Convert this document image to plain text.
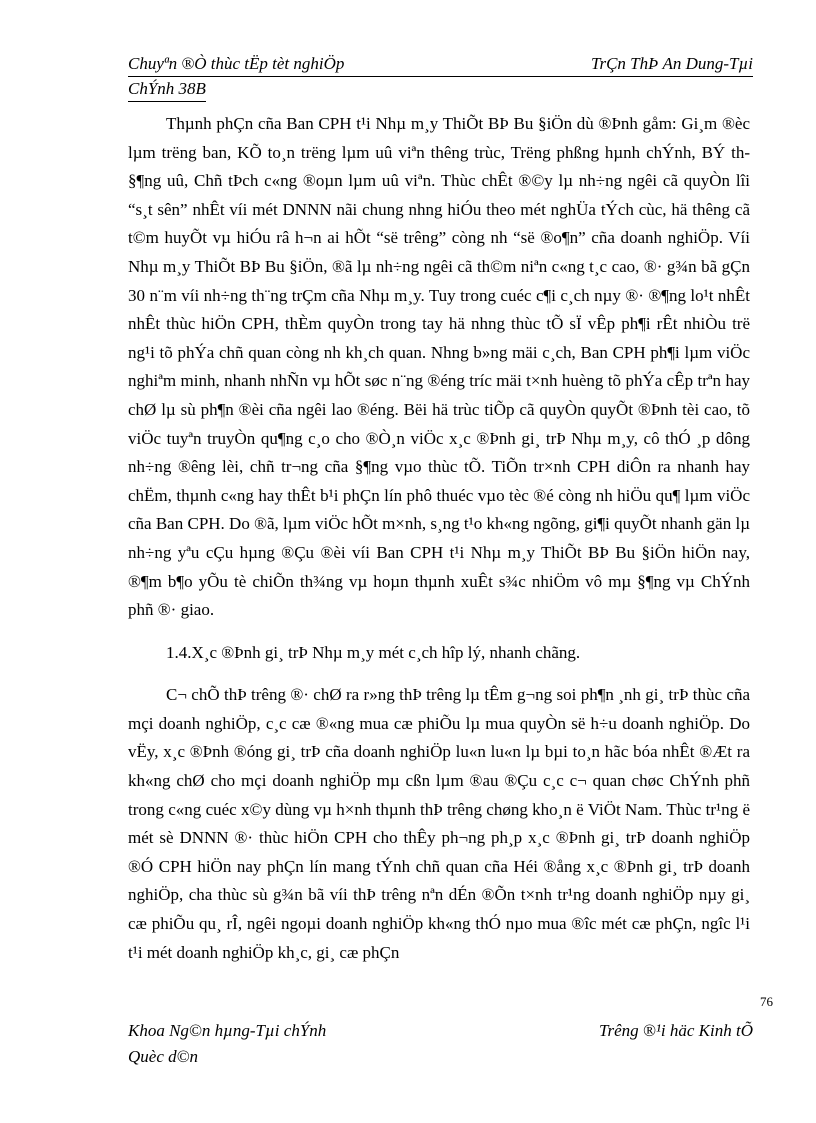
Chuyªn ®Ò thùc tËp tèt nghiÖp	TrÇn ThÞ An Dung-Tµi
ChÝnh 38B

Thµnh phÇn cña Ban CPH t¹i Nhµ m¸y ThiÕt BÞ Bu §iÖn dù ®Þnh gåm: Gi¸m ®èc lµm trëng ban, KÕ to¸n trëng lµm uû viªn thêng trùc, Trëng phßng hµnh chÝnh, BÝ th §¶ng uû, Chñ tÞch c«ng ®oµn lµm uû viªn. Thùc chÊt ®©y lµ nh÷ng ngêi cã quyÒn lîi “s¸t sên” nhÊt víi mét DNNN nãi chung nhng hiÓu theo mét nghÜa tÝch cùc, hä thêng cã t©m huyÕt vµ hiÓu râ h¬n ai hÕt “së trêng” còng nh “së ®o¶n” cña doanh nghiÖp. Víi Nhµ m¸y ThiÕt BÞ Bu §iÖn, ®ã lµ nh÷ng ngêi cã th©m niªn c«ng t¸c cao, ®· g¾n bã gÇn 30 n¨m víi nh÷ng th¨ng trÇm cña Nhµ m¸y. Tuy trong cuéc c¶i c¸ch nµy ®· ®¶ng lo¹t nhÊt nhÊt thùc hiÖn CPH, thÈm quyÒn trong tay hä nhng thùc tÕ sÏ vÊp ph¶i rÊt nhiÒu trë ng¹i tõ phÝa chñ quan còng nh kh¸ch quan. Nhng b»ng mäi c¸ch, Ban CPH ph¶i lµm viÖc nghiªm minh, nhanh nhÑn vµ hÕt søc n¨ng ®éng tríc mäi t×nh huèng tõ phÝa cÊp trªn hay chØ lµ sù ph¶n ®èi cña ngêi lao ®éng. Bëi hä trùc tiÕp cã quyÒn quyÕt ®Þnh tèi cao, tõ viÖc tuyªn truyÒn qu¶ng c¸o cho ®Ò¸n viÖc x¸c ®Þnh gi¸ trÞ Nhµ m¸y, cô thÓ ¸p dông nh÷ng ®êng lèi, chñ tr¬ng cña §¶ng vµo thùc tÕ. TiÕn tr×nh CPH diÔn ra nhanh hay chËm, thµnh c«ng hay thÊt b¹i phÇn lín phô thuéc vµo tèc ®é còng nh hiÖu qu¶ lµm viÖc cña Ban CPH. Do ®ã, lµm viÖc hÕt m×nh, s¸ng t¹o kh«ng ngõng, gi¶i quyÕt nhanh gän lµ nh÷ng yªu cÇu hµng ®Çu ®èi víi Ban CPH t¹i Nhµ m¸y ThiÕt BÞ Bu §iÖn hiÖn nay, ®¶m b¶o yÕu tè chiÕn th¾ng vµ hoµn thµnh xuÊt s¾c nhiÖm vô mµ §¶ng vµ ChÝnh phñ ®· giao.

1.4.X¸c ®Þnh gi¸ trÞ Nhµ m¸y mét c¸ch hîp lý, nhanh chãng.

C¬ chÕ thÞ trêng ®· chØ ra r»ng thÞ trêng lµ tÊm g¬ng soi ph¶n ¸nh gi¸ trÞ thùc cña mçi doanh nghiÖp, c¸c cæ ®«ng mua cæ phiÕu lµ mua quyÒn së h÷u doanh nghiÖp. Do vËy, x¸c ®Þnh ®óng gi¸ trÞ cña doanh nghiÖp lu«n lu«n lµ bµi to¸n hãc bóa nhÊt ®Æt ra kh«ng chØ cho mçi doanh nghiÖp mµ cßn lµm ®au ®Çu c¸c c¬ quan chøc ChÝnh phñ trong c«ng cuéc x©y dùng vµ h×nh thµnh thÞ trêng chøng kho¸n ë ViÖt Nam. Thùc tr¹ng ë mét sè DNNN ®· thùc hiÖn CPH cho thÊy ph¬ng ph¸p x¸c ®Þnh gi¸ trÞ doanh nghiÖp ®Ó CPH hiÖn nay phÇn lín mang tÝnh chñ quan cña Héi ®ång x¸c ®Þnh gi¸ trÞ doanh nghiÖp, cha thùc sù g¾n bã víi thÞ trêng nªn dÉn ®Õn t×nh tr¹ng doanh nghiÖp nµy gi¸ cæ phiÕu qu¸ rÎ, ngêi ngoµi doanh nghiÖp kh«ng thÓ nµo mua ®îc mét cæ phÇn, ngîc l¹i t¹i mét doanh nghiÖp kh¸c, gi¸ cæ phÇn

76
Khoa Ng©n hµng-Tµi chÝnh	Trêng ®¹i häc Kinh tÕ
Quèc d©n
